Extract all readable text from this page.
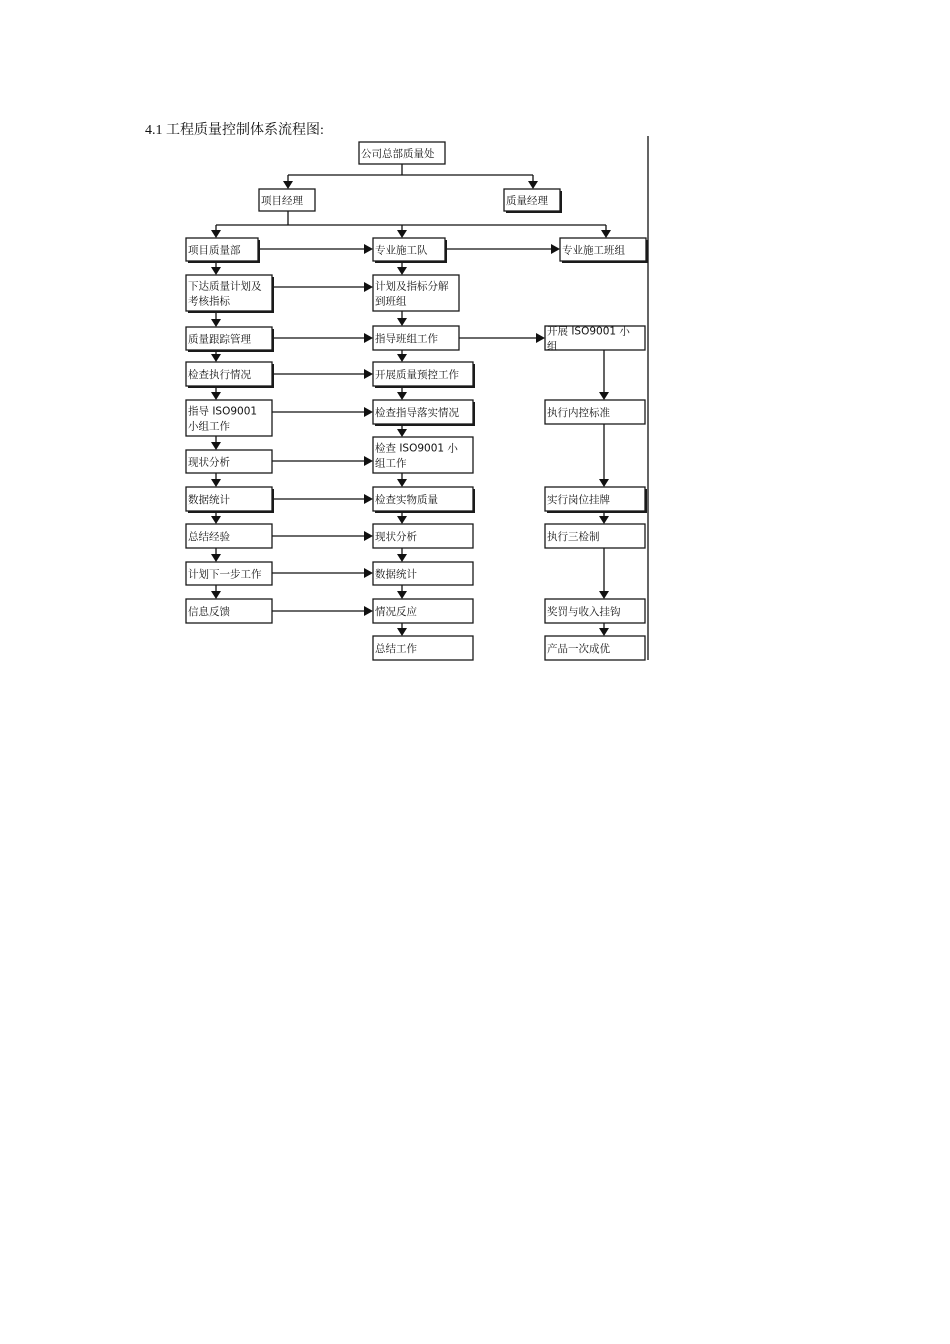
4.1 工程质量控制体系流程图:
公司总部质量处
项目经理	质量经理
项目质量部
下达质量计划及
考核指标
质量跟踪管理
检查执行情况
指导 ISO9001
小组工作
现状分析
数据统计
总结经验
计划下一步工作
信息反馈
专业施工队
计划及指标分解
到班组
指导班组工作
开展质量预控工作
检查指导落实情况
检查 ISO9001 小
组工作
检查实物质量
现状分析
数据统计
情况反应
总结工作
专业施工班组
开展 ISO9001 小
组
执行内控标准
实行岗位挂牌
执行三检制
奖罚与收入挂钩
产品一次成优
